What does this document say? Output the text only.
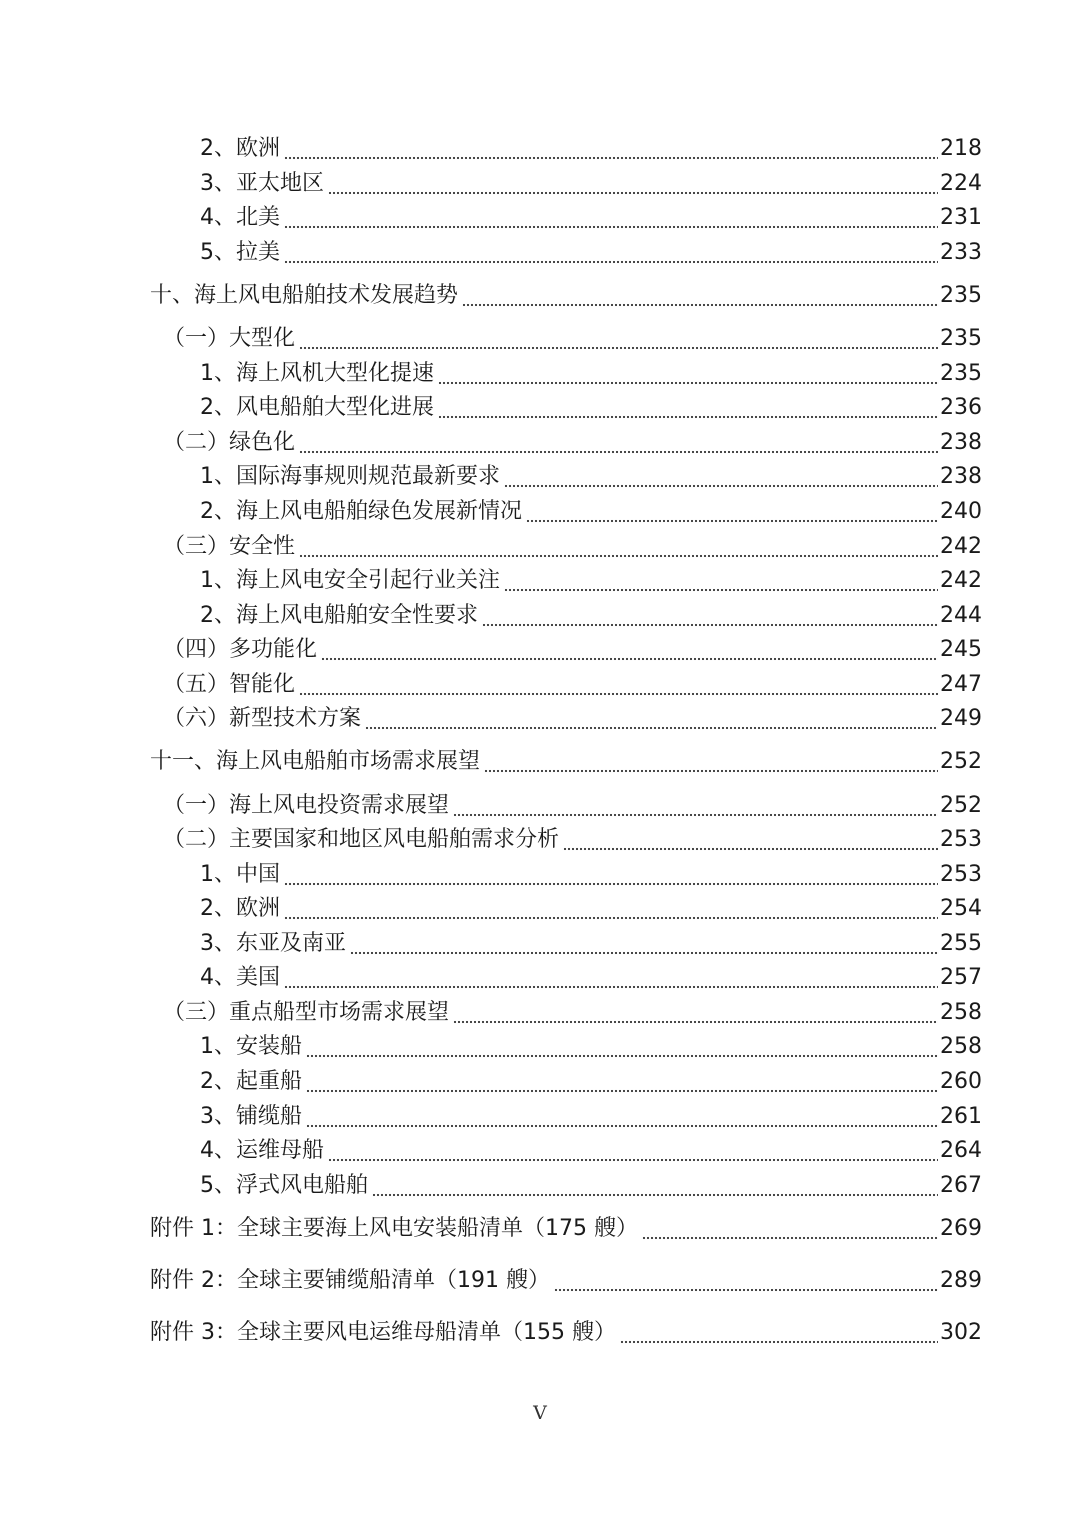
2、欧洲	218
3、亚太地区	224
4、北美	231
5、拉美	233
十、海上风电船舶技术发展趋势	235
（一）大型化	235
1、海上风机大型化提速	235
2、风电船舶大型化进展	236
（二）绿色化	238
1、国际海事规则规范最新要求	238
2、海上风电船舶绿色发展新情况	240
（三）安全性	242
1、海上风电安全引起行业关注	242
2、海上风电船舶安全性要求	244
（四）多功能化	245
（五）智能化	247
（六）新型技术方案	249
十一、海上风电船舶市场需求展望	252
（一）海上风电投资需求展望	252
（二）主要国家和地区风电船舶需求分析	253
1、中国	253
2、欧洲	254
3、东亚及南亚	255
4、美国	257
（三）重点船型市场需求展望	258
1、安装船	258
2、起重船	260
3、铺缆船	261
4、运维母船	264
5、浮式风电船舶	267
附件 1：全球主要海上风电安装船清单（175 艘）	269
附件 2：全球主要铺缆船清单（191 艘）	289
附件 3：全球主要风电运维母船清单（155 艘）	302
V
